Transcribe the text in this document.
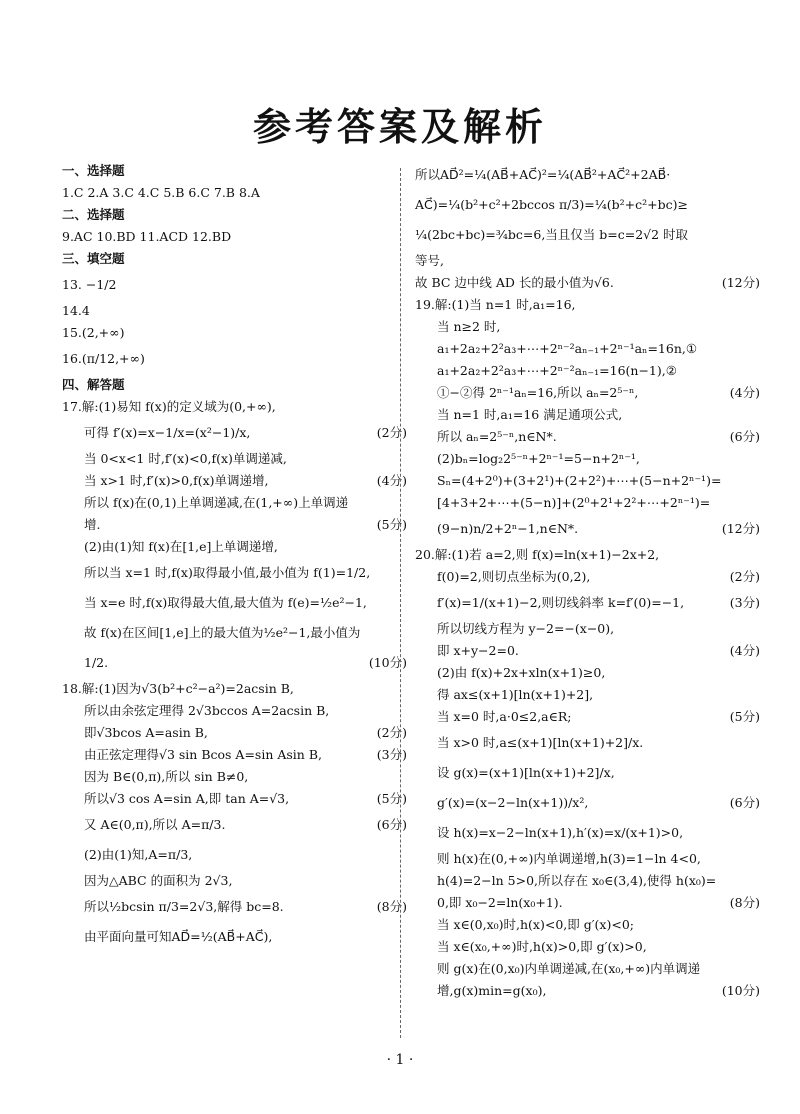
参考答案及解析
一、选择题
1.C 2.A 3.C 4.C 5.B 6.C 7.B 8.A
二、选择题
9.AC 10.BD 11.ACD 12.BD
三、填空题
13. −1/2
14.4
15.(2,+∞)
16.(π/12,+∞)
四、解答题
17.解:(1)易知 f(x)的定义域为(0,+∞),
可得 f′(x)=x−1/x=(x²−1)/x,	(2分)
当 0<x<1 时,f′(x)<0,f(x)单调递减,
当 x>1 时,f′(x)>0,f(x)单调递增,	(4分)
所以 f(x)在(0,1)上单调递减,在(1,+∞)上单调递
增.	(5分)
(2)由(1)知 f(x)在[1,e]上单调递增,
所以当 x=1 时,f(x)取得最小值,最小值为 f(1)=1/2,
当 x=e 时,f(x)取得最大值,最大值为 f(e)=½e²−1,
故 f(x)在区间[1,e]上的最大值为½e²−1,最小值为
1/2.	(10分)
18.解:(1)因为√3(b²+c²−a²)=2acsin B,
所以由余弦定理得 2√3bccos A=2acsin B,
即√3bcos A=asin B,	(2分)
由正弦定理得√3 sin Bcos A=sin Asin B,	(3分)
因为 B∈(0,π),所以 sin B≠0,
所以√3 cos A=sin A,即 tan A=√3,	(5分)
又 A∈(0,π),所以 A=π/3.	(6分)
(2)由(1)知,A=π/3,
因为△ABC 的面积为 2√3,
所以½bcsin π/3=2√3,解得 bc=8.	(8分)
由平面向量可知AD⃗=½(AB⃗+AC⃗),
所以AD⃗²=¼(AB⃗+AC⃗)²=¼(AB⃗²+AC⃗²+2AB⃗·
AC⃗)=¼(b²+c²+2bccos π/3)=¼(b²+c²+bc)≥
¼(2bc+bc)=¾bc=6,当且仅当 b=c=2√2 时取
等号,
故 BC 边中线 AD 长的最小值为√6.	(12分)
19.解:(1)当 n=1 时,a₁=16,
当 n≥2 时,
a₁+2a₂+2²a₃+⋯+2ⁿ⁻²aₙ₋₁+2ⁿ⁻¹aₙ=16n,①
a₁+2a₂+2²a₃+⋯+2ⁿ⁻²aₙ₋₁=16(n−1),②
①−②得 2ⁿ⁻¹aₙ=16,所以 aₙ=2⁵⁻ⁿ,	(4分)
当 n=1 时,a₁=16 满足通项公式,
所以 aₙ=2⁵⁻ⁿ,n∈N*.	(6分)
(2)bₙ=log₂2⁵⁻ⁿ+2ⁿ⁻¹=5−n+2ⁿ⁻¹,
Sₙ=(4+2⁰)+(3+2¹)+(2+2²)+⋯+(5−n+2ⁿ⁻¹)=
[4+3+2+⋯+(5−n)]+(2⁰+2¹+2²+⋯+2ⁿ⁻¹)=
(9−n)n/2+2ⁿ−1,n∈N*.	(12分)
20.解:(1)若 a=2,则 f(x)=ln(x+1)−2x+2,
f(0)=2,则切点坐标为(0,2),	(2分)
f′(x)=1/(x+1)−2,则切线斜率 k=f′(0)=−1,	(3分)
所以切线方程为 y−2=−(x−0),
即 x+y−2=0.	(4分)
(2)由 f(x)+2x+xln(x+1)≥0,
得 ax≤(x+1)[ln(x+1)+2],
当 x=0 时,a·0≤2,a∈R;	(5分)
当 x>0 时,a≤(x+1)[ln(x+1)+2]/x.
设 g(x)=(x+1)[ln(x+1)+2]/x,
g′(x)=(x−2−ln(x+1))/x²,	(6分)
设 h(x)=x−2−ln(x+1),h′(x)=x/(x+1)>0,
则 h(x)在(0,+∞)内单调递增,h(3)=1−ln 4<0,
h(4)=2−ln 5>0,所以存在 x₀∈(3,4),使得 h(x₀)=
0,即 x₀−2=ln(x₀+1).	(8分)
当 x∈(0,x₀)时,h(x)<0,即 g′(x)<0;
当 x∈(x₀,+∞)时,h(x)>0,即 g′(x)>0,
则 g(x)在(0,x₀)内单调递减,在(x₀,+∞)内单调递
增,g(x)min=g(x₀),	(10分)
· 1 ·
